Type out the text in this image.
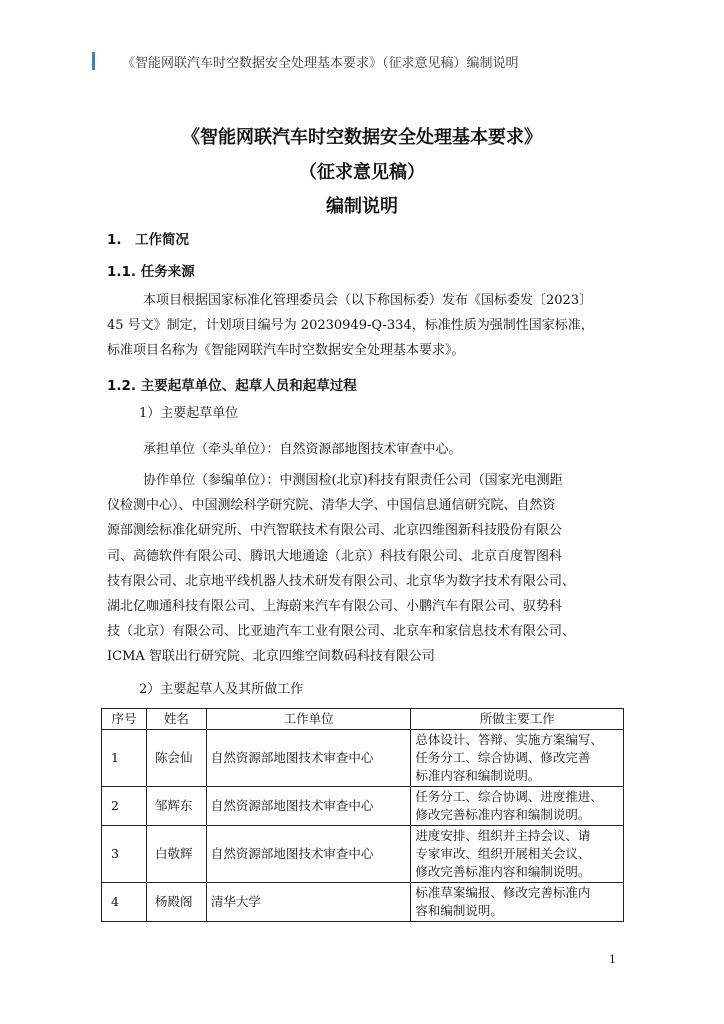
《智能网联汽车时空数据安全处理基本要求》（征求意见稿）编制说明
《智能网联汽车时空数据安全处理基本要求》
（征求意见稿）
编制说明
1.　工作简况
1.1. 任务来源
本项目根据国家标准化管理委员会（以下称国标委）发布《国标委发〔2023〕
45 号文》制定，计划项目编号为 20230949-Q-334，标准性质为强制性国家标准，
标准项目名称为《智能网联汽车时空数据安全处理基本要求》。
1.2. 主要起草单位、起草人员和起草过程
1）主要起草单位
承担单位（牵头单位）：自然资源部地图技术审查中心。
协作单位（参编单位）：中测国检(北京)科技有限责任公司（国家光电测距
仪检测中心）、中国测绘科学研究院、清华大学、中国信息通信研究院、自然资
源部测绘标准化研究所、中汽智联技术有限公司、北京四维图新科技股份有限公
司、高德软件有限公司、腾讯大地通途（北京）科技有限公司、北京百度智图科
技有限公司、北京地平线机器人技术研发有限公司、北京华为数字技术有限公司、
湖北亿咖通科技有限公司、上海蔚来汽车有限公司、小鹏汽车有限公司、驭势科
技（北京）有限公司、比亚迪汽车工业有限公司、北京车和家信息技术有限公司、
ICMA 智联出行研究院、北京四维空间数码科技有限公司
2）主要起草人及其所做工作
序号	姓名	工作单位	所做主要工作
1	陈会仙	自然资源部地图技术审查中心	总体设计、答辩、实施方案编写、
任务分工、综合协调、修改完善
标准内容和编制说明。

2	邹辉东	自然资源部地图技术审查中心	任务分工、综合协调、进度推进、
修改完善标准内容和编制说明。

3	白敬辉	自然资源部地图技术审查中心	进度安排、组织并主持会议、请
专家审改、组织开展相关会议、
修改完善标准内容和编制说明。

4	杨殿阁	清华大学	标准草案编报、修改完善标准内
容和编制说明。
1
